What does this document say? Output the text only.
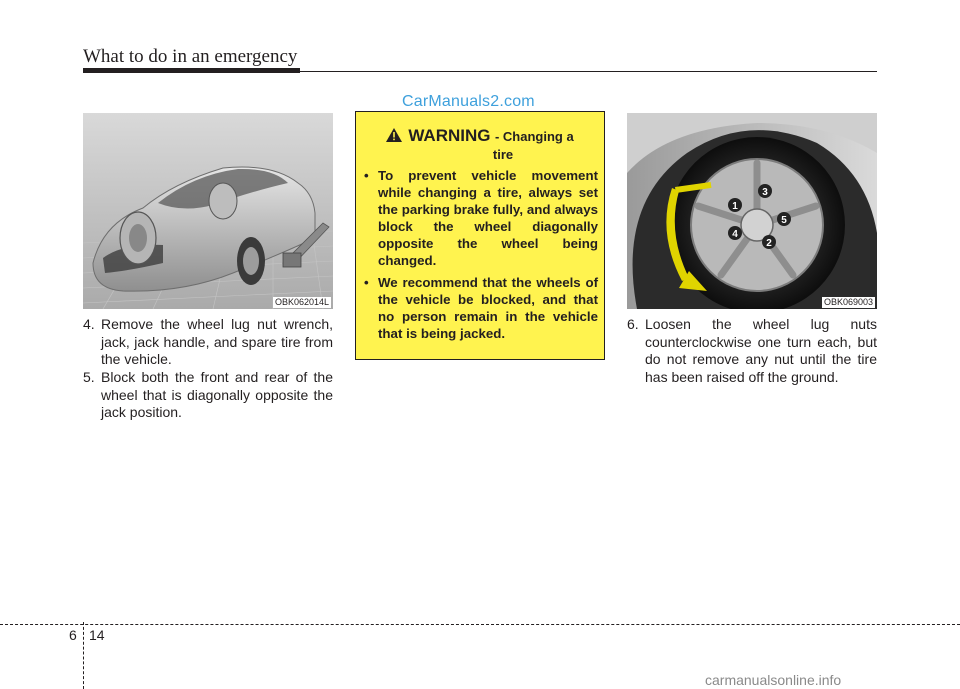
What to do in an emergency
CarManuals2.com
OBK062014L
1
2
3
4
5
OBK069003
4. Remove the wheel lug nut wrench, jack, jack handle, and spare tire from the vehicle.
5. Block both the front and rear of the wheel that is diagonally opposite the jack position.
WARNING - Changing a
tire
• To prevent vehicle movement while changing a tire, always set the parking brake fully, and always block the wheel diagonally opposite the wheel being changed.
• We recommend that the wheels of the vehicle be blocked, and that no person remain in the vehicle that is being jacked.
6. Loosen the wheel lug nuts counterclockwise one turn each, but do not remove any nut until the tire has been raised off the ground.
6 14
carmanualsonline.info
